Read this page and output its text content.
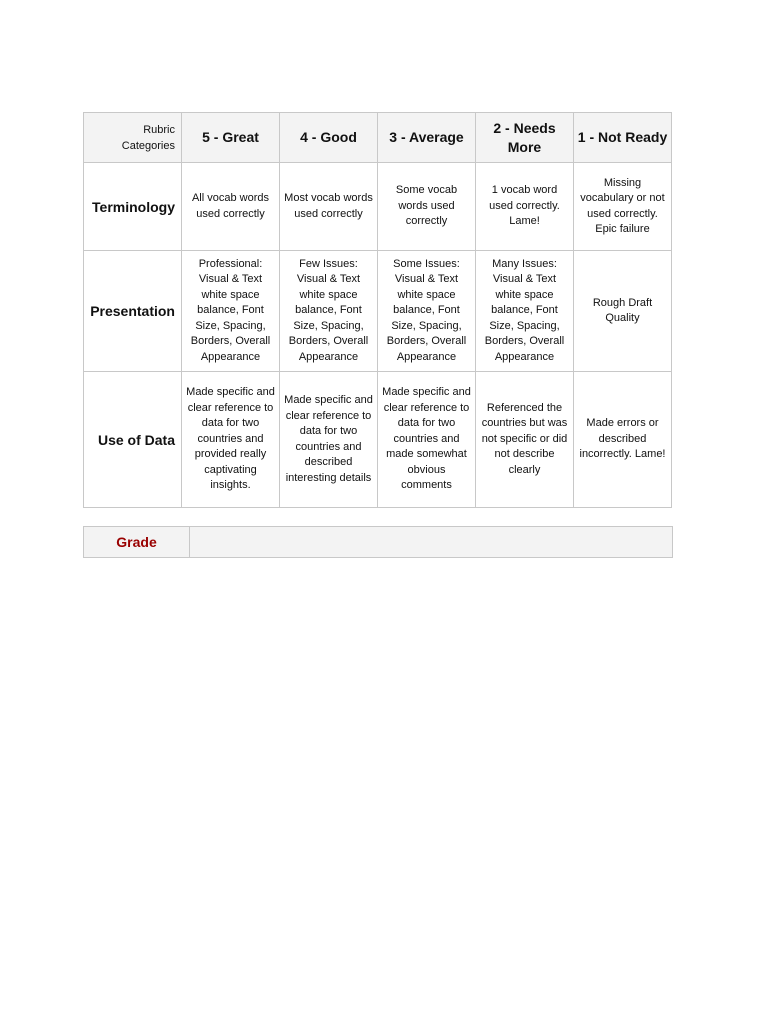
Rubric Categories	5 - Great	4 - Good	3 - Average	2 - Needs More	1 - Not Ready
Terminology	All vocab words used correctly	Most vocab words used correctly	Some vocab words used correctly	1 vocab word used correctly. Lame!	Missing vocabulary or not used correctly. Epic failure
Presentation	Professional: Visual & Text white space balance, Font Size, Spacing, Borders, Overall Appearance	Few Issues: Visual & Text white space balance, Font Size, Spacing, Borders, Overall Appearance	Some Issues: Visual & Text white space balance, Font Size, Spacing, Borders, Overall Appearance	Many Issues: Visual & Text white space balance, Font Size, Spacing, Borders, Overall Appearance	Rough Draft Quality
Use of Data	Made specific and clear reference to data for two countries and provided really captivating insights.	Made specific and clear reference to data for two countries and described interesting details	Made specific and clear reference to data for two countries and made somewhat obvious comments	Referenced the countries but was not specific or did not describe clearly	Made errors or described incorrectly. Lame!
Grade	
